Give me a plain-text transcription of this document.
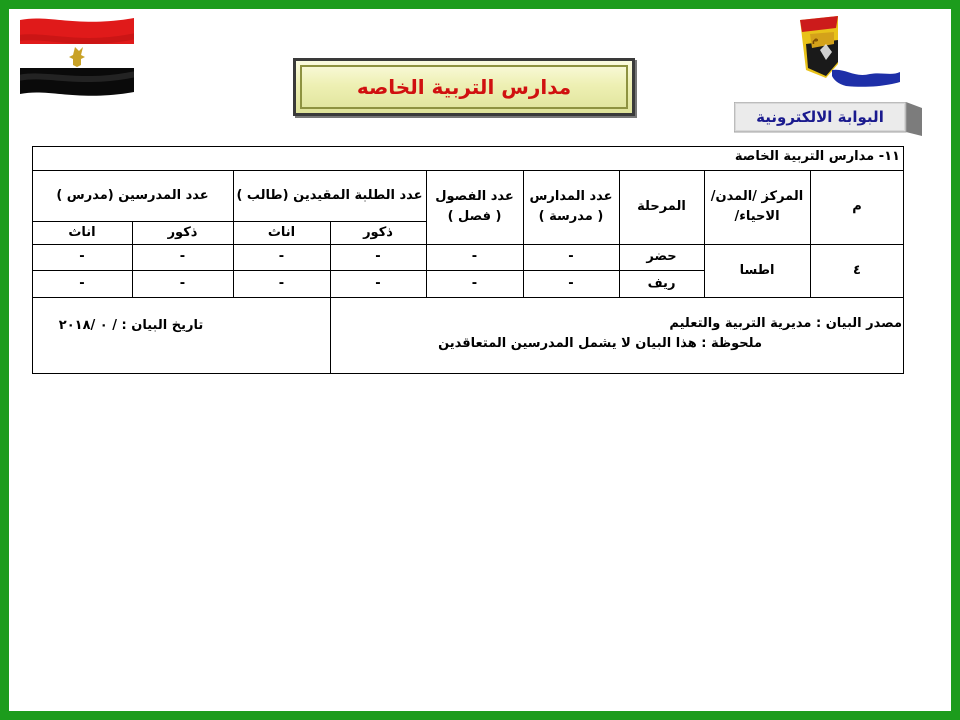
م
البوابة الالكترونية
مدارس التربية الخاصه
١١- مدارس التربية الخاصة
م
المركز /المدن/الاحياء/
المرحلة
عدد المدارس ( مدرسة )
عدد الفصول ( فصل )
عدد الطلبة المقيدين (طالب )
عدد المدرسين (مدرس )
ذكور
اناث
ذكور
اناث
٤
اطسا
حضر
-
-
-
-
-
-
ريف
-
-
-
-
-
-
مصدر البيان : مديرية التربية والتعليم
ملحوظة : هذا البيان لا يشمل المدرسين المتعاقدين
تاريخ البيان : / ٠ /٢٠١٨
